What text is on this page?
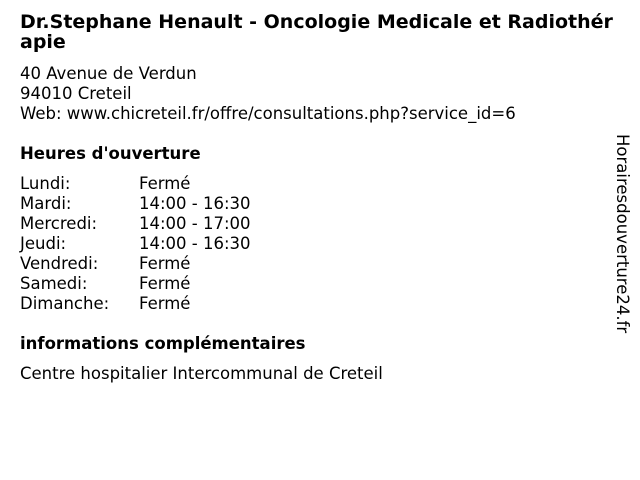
Dr.Stephane Henault - Oncologie Medicale et Radiothérapie
40 Avenue de Verdun
94010 Creteil
Web: www.chicreteil.fr/offre/consultations.php?service_id=6
Heures d'ouverture
Lundi:	Fermé
Mardi:	14:00 - 16:30
Mercredi:	14:00 - 17:00
Jeudi:	14:00 - 16:30
Vendredi: Fermé
Samedi:	Fermé
Dimanche: Fermé
informations complémentaires
Centre hospitalier Intercommunal de Creteil
Horairesdouverture24.fr
